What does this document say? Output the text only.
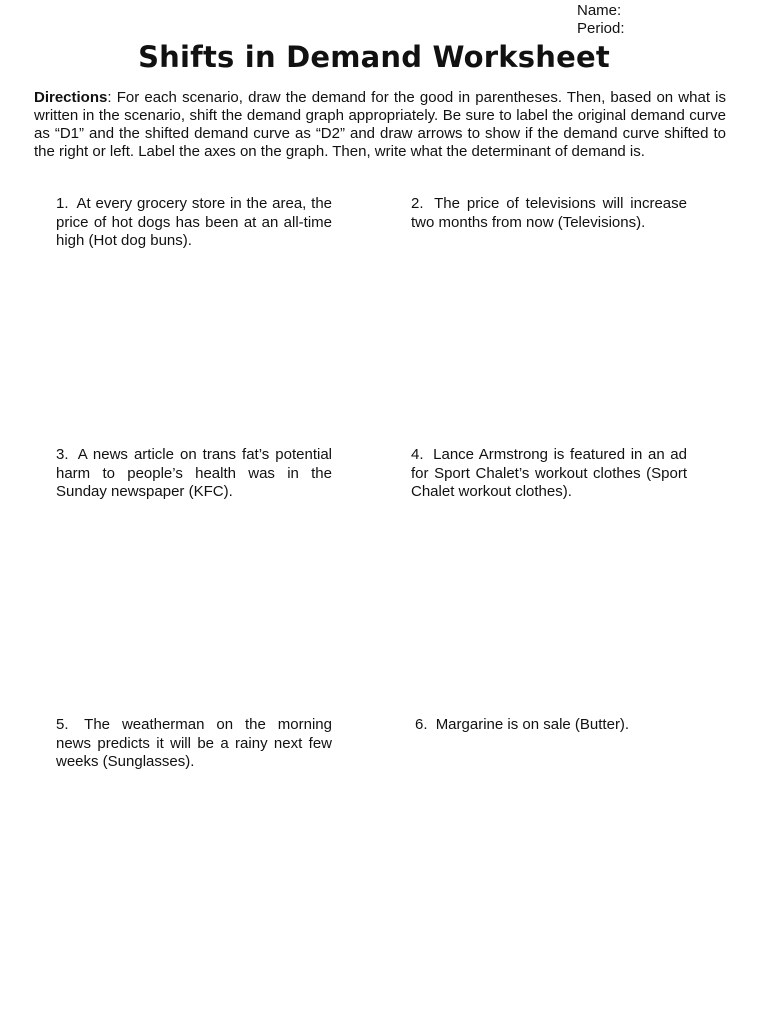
Name:
Period:
Shifts in Demand Worksheet

Directions: For each scenario, draw the demand for the good in parentheses. Then, based on what is written in the scenario, shift the demand graph appropriately. Be sure to label the original demand curve as “D1” and the shifted demand curve as “D2” and draw arrows to show if the demand curve shifted to the right or left. Label the axes on the graph. Then, write what the determinant of demand is.

1. At every grocery store in the area, the price of hot dogs has been at an all-time high (Hot dog buns).

2. The price of televisions will increase two months from now (Televisions).

3. A news article on trans fat’s potential harm to people’s health was in the Sunday newspaper (KFC).

4. Lance Armstrong is featured in an ad for Sport Chalet’s workout clothes (Sport Chalet workout clothes).

5. The weatherman on the morning news predicts it will be a rainy next few weeks (Sunglasses).

6. Margarine is on sale (Butter).
